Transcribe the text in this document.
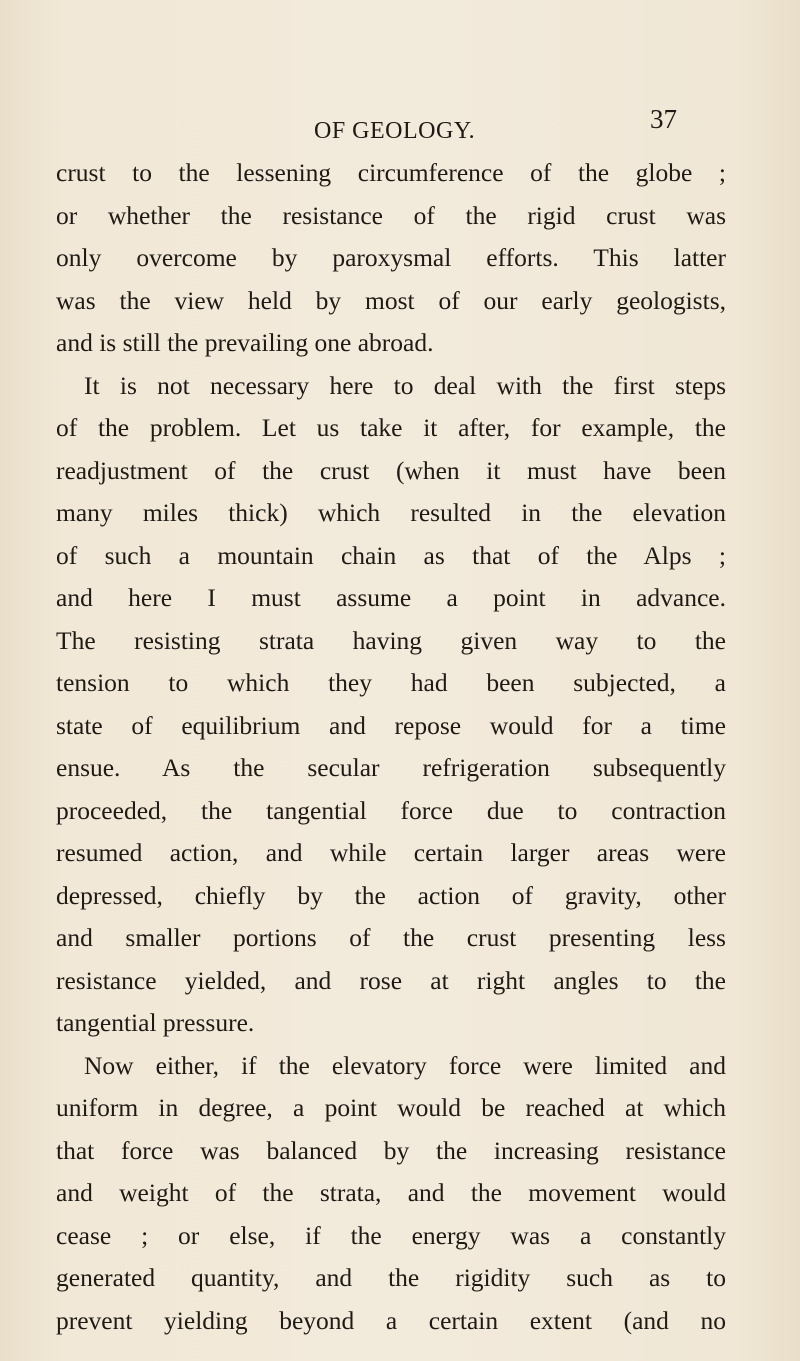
OF GEOLOGY.	37
crust to the lessening circumference of the globe ;
or whether the resistance of the rigid crust was
only overcome by paroxysmal efforts. This latter
was the view held by most of our early geologists,
and is still the prevailing one abroad.
It is not necessary here to deal with the first steps
of the problem. Let us take it after, for example, the
readjustment of the crust (when it must have been
many miles thick) which resulted in the elevation
of such a mountain chain as that of the Alps ;
and here I must assume a point in advance.
The resisting strata having given way to the
tension to which they had been subjected, a
state of equilibrium and repose would for a time
ensue. As the secular refrigeration subsequently
proceeded, the tangential force due to contraction
resumed action, and while certain larger areas were
depressed, chiefly by the action of gravity, other
and smaller portions of the crust presenting less
resistance yielded, and rose at right angles to the
tangential pressure.
Now either, if the elevatory force were limited and
uniform in degree, a point would be reached at which
that force was balanced by the increasing resistance
and weight of the strata, and the movement would
cease ; or else, if the energy was a constantly
generated quantity, and the rigidity such as to
prevent yielding beyond a certain extent (and no
